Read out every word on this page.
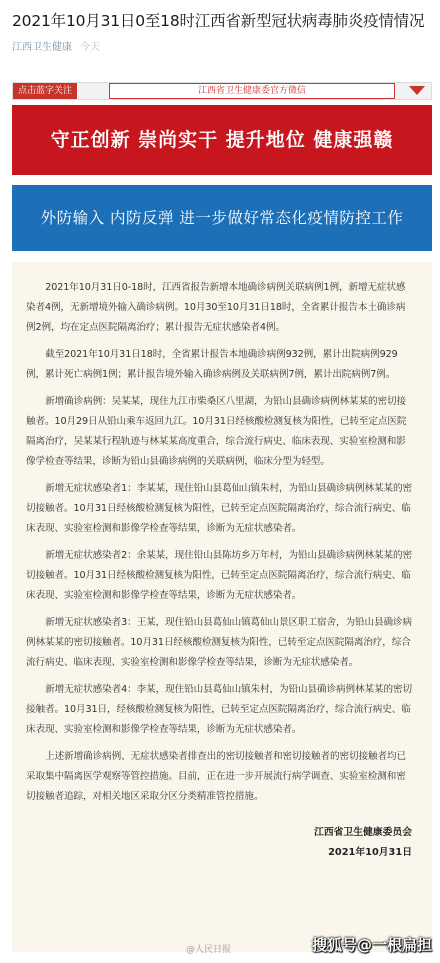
2021年10月31日0至18时江西省新型冠状病毒肺炎疫情情况
江西卫生健康 今天
点击蓝字关注	江西省卫生健康委官方微信
守正创新 崇尚实干 提升地位 健康强赣
外防输入 内防反弹 进一步做好常态化疫情防控工作

2021年10月31日0-18时，江西省报告新增本地确诊病例关联病例1例，新增无症状感染者4例，无新增境外输入确诊病例。10月30至10月31日18时，全省累计报告本土确诊病例2例，均在定点医院隔离治疗；累计报告无症状感染者4例。

截至2021年10月31日18时，全省累计报告本地确诊病例932例，累计出院病例929例，累计死亡病例1例；累计报告境外输入确诊病例及关联病例7例，累计出院病例7例。

新增确诊病例：吴某某，现住九江市柴桑区八里湖，为铅山县确诊病例林某某的密切接触者。10月29日从铅山乘车返回九江。10月31日经核酸检测复核为阳性，已转至定点医院隔离治疗，吴某某行程轨迹与林某某高度重合，综合流行病史、临床表现、实验室检测和影像学检查等结果，诊断为铅山县确诊病例的关联病例，临床分型为轻型。

新增无症状感染者1：李某某，现住铅山县葛仙山镇朱村，为铅山县确诊病例林某某的密切接触者。10月31日经核酸检测复核为阳性，已转至定点医院隔离治疗，综合流行病史、临床表现、实验室检测和影像学检查等结果，诊断为无症状感染者。

新增无症状感染者2：余某某，现住铅山县陈坊乡万年村，为铅山县确诊病例林某某的密切接触者。10月31日经核酸检测复核为阳性，已转至定点医院隔离治疗，综合流行病史、临床表现、实验室检测和影像学检查等结果，诊断为无症状感染者。

新增无症状感染者3：王某，现住铅山县葛仙山镇葛仙山景区职工宿舍，为铅山县确诊病例林某某的密切接触者。10月31日经核酸检测复核为阳性，已转至定点医院隔离治疗，综合流行病史、临床表现、实验室检测和影像学检查等结果，诊断为无症状感染者。

新增无症状感染者4：李某，现住铅山县葛仙山镇朱村，为铅山县确诊病例林某某的密切接触者。10月31日，经核酸检测复核为阳性，已转至定点医院隔离治疗，综合流行病史、临床表现、实验室检测和影像学检查等结果，诊断为无症状感染者。

上述新增确诊病例、无症状感染者排查出的密切接触者和密切接触者的密切接触者均已采取集中隔离医学观察等管控措施。目前，正在进一步开展流行病学调查、实验室检测和密切接触者追踪，对相关地区采取分区分类精准管控措施。

江西省卫生健康委员会
2021年10月31日
@人民日报	搜狐号@一根扁担
